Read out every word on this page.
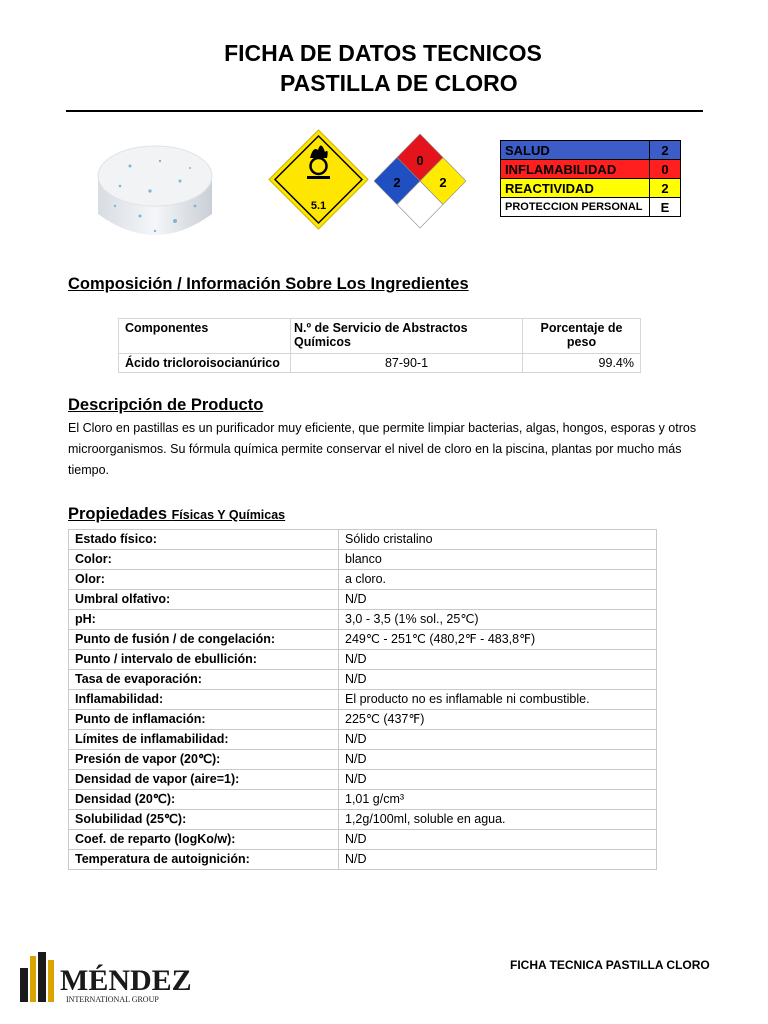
FICHA DE DATOS TECNICOS
PASTILLA DE CLORO
5.1
0
2	2
SALUD	2
INFLAMABILIDAD	0
REACTIVIDAD	2
PROTECCION PERSONAL	E
Composición / Información Sobre Los Ingredientes
Componentes	N.º de Servicio de Abstractos Químicos	Porcentaje de peso
Ácido tricloroisocianúrico	87-90-1	99.4%
Descripción de Producto
El Cloro en pastillas es un purificador muy eficiente, que permite limpiar bacterias, algas, hongos, esporas y otros microorganismos. Su fórmula química permite conservar el nivel de cloro en la piscina, plantas por mucho más tiempo.
Propiedades Físicas Y Químicas
Estado físico:	Sólido cristalino
Color:	blanco
Olor:	a cloro.
Umbral olfativo:	N/D
pH:	3,0 - 3,5 (1% sol., 25℃)
Punto de fusión / de congelación:	249℃ - 251℃ (480,2℉ - 483,8℉)
Punto / intervalo de ebullición:	N/D
Tasa de evaporación:	N/D
Inflamabilidad:	El producto no es inflamable ni combustible.
Punto de inflamación:	225℃ (437℉)
Límites de inflamabilidad:	N/D
Presión de vapor (20℃):	N/D
Densidad de vapor (aire=1):	N/D
Densidad (20℃):	1,01 g/cm³
Solubilidad (25℃):	1,2g/100ml, soluble en agua.
Coef. de reparto (logKo/w):	N/D
Temperatura de autoignición:	N/D
MÉNDEZ
INTERNATIONAL GROUP
FICHA TECNICA PASTILLA CLORO
